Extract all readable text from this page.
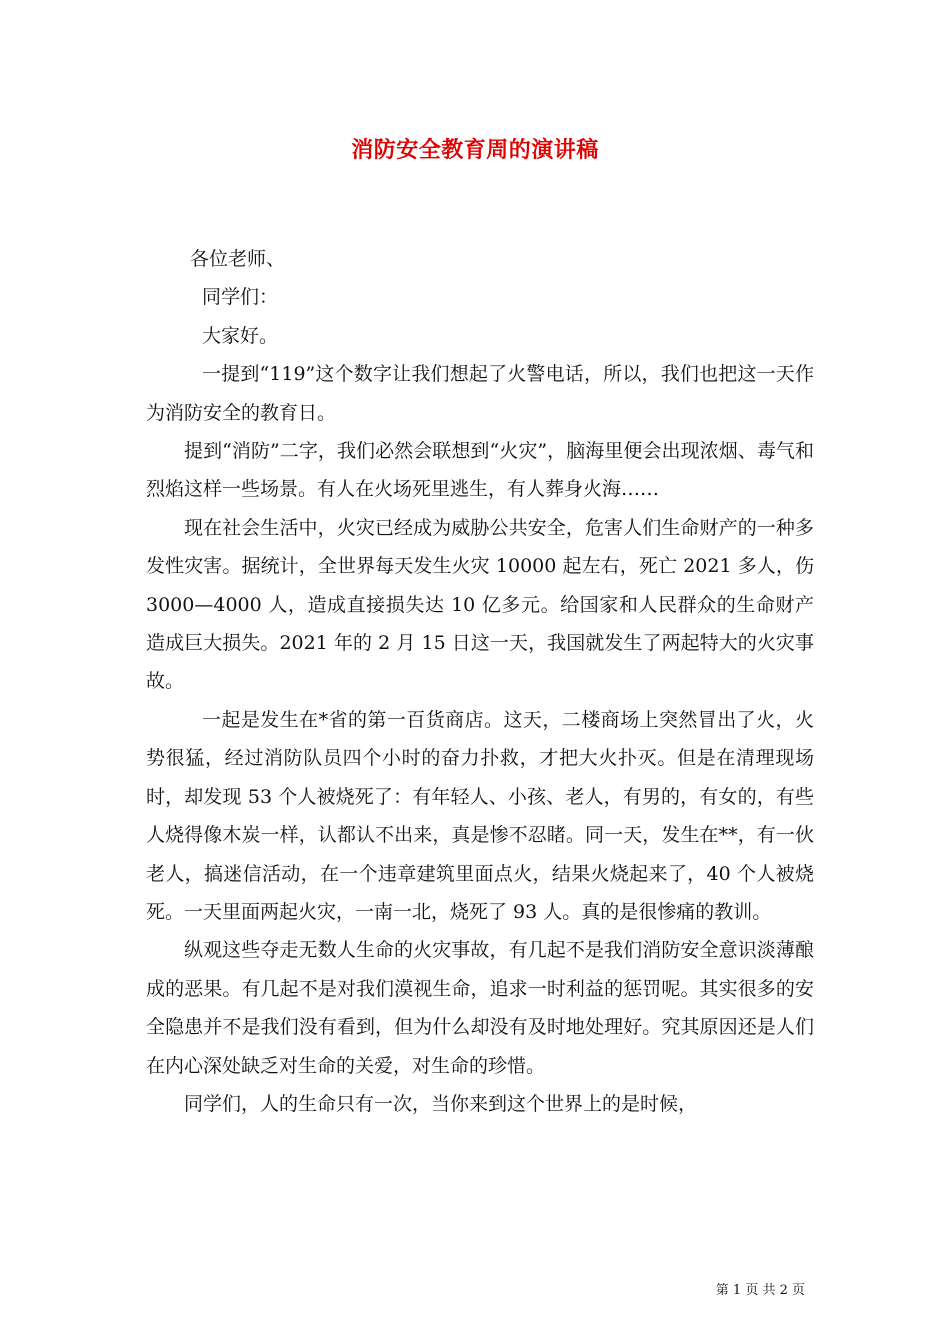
消防安全教育周的演讲稿

各位老师、

同学们：

大家好。

一提到“119”这个数字让我们想起了火警电话，所以，我们也把这一天作为消防安全的教育日。

提到“消防”二字，我们必然会联想到“火灾”，脑海里便会出现浓烟、毒气和烈焰这样一些场景。有人在火场死里逃生，有人葬身火海……

现在社会生活中，火灾已经成为威胁公共安全，危害人们生命财产的一种多发性灾害。据统计，全世界每天发生火灾 10000 起左右，死亡 2021 多人，伤 3000—4000 人，造成直接损失达 10 亿多元。给国家和人民群众的生命财产造成巨大损失。2021 年的 2 月 15 日这一天，我国就发生了两起特大的火灾事故。

一起是发生在*省的第一百货商店。这天，二楼商场上突然冒出了火，火势很猛，经过消防队员四个小时的奋力扑救，才把大火扑灭。但是在清理现场时，却发现 53 个人被烧死了：有年轻人、小孩、老人，有男的，有女的，有些人烧得像木炭一样，认都认不出来，真是惨不忍睹。同一天，发生在**，有一伙老人，搞迷信活动，在一个违章建筑里面点火，结果火烧起来了，40 个人被烧死。一天里面两起火灾，一南一北，烧死了 93 人。真的是很惨痛的教训。

纵观这些夺走无数人生命的火灾事故，有几起不是我们消防安全意识淡薄酿成的恶果。有几起不是对我们漠视生命，追求一时利益的惩罚呢。其实很多的安全隐患并不是我们没有看到，但为什么却没有及时地处理好。究其原因还是人们在内心深处缺乏对生命的关爱，对生命的珍惜。

同学们，人的生命只有一次，当你来到这个世界上的是时候，

第 1 页 共 2 页
